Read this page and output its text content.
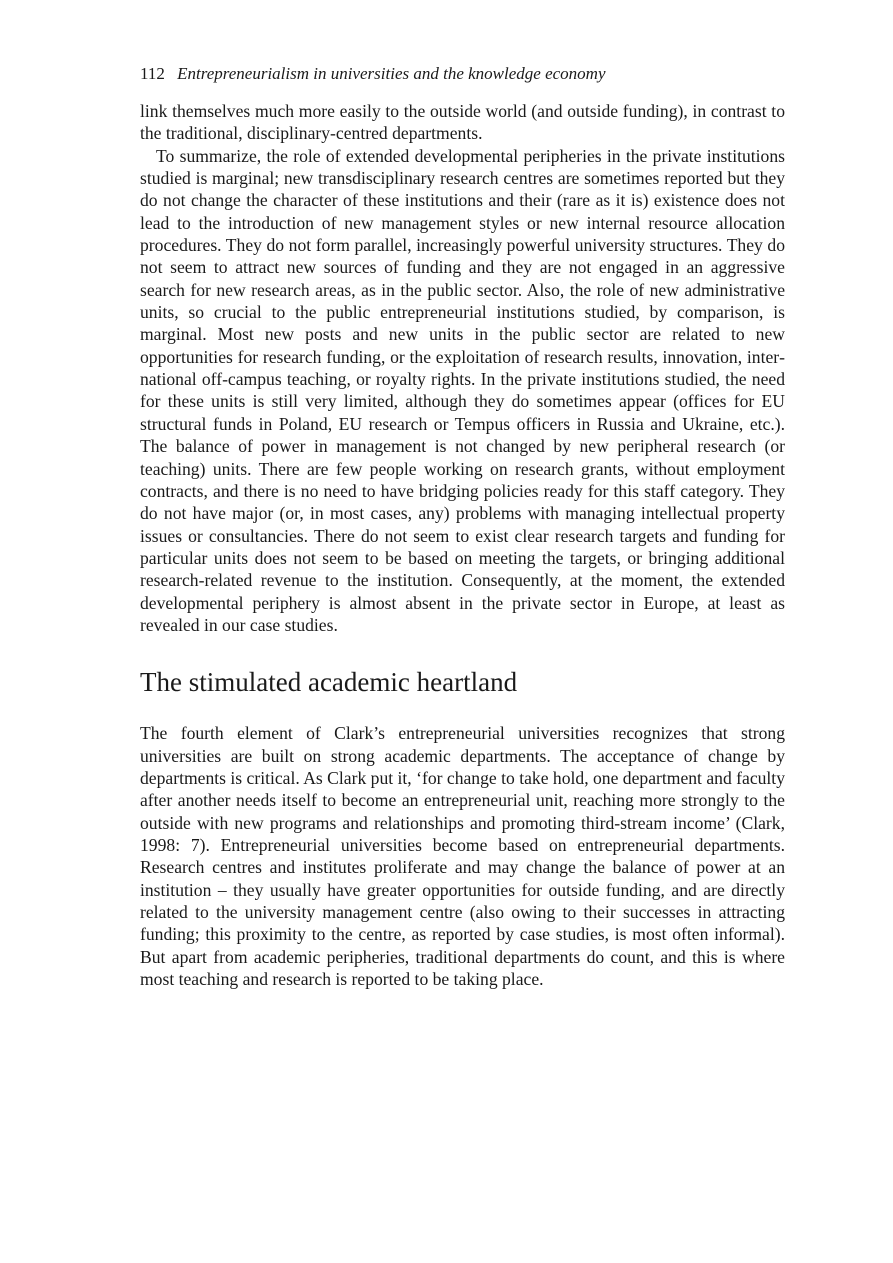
112 Entrepreneurialism in universities and the knowledge economy

link themselves much more easily to the outside world (and outside funding), in contrast to the traditional, disciplinary-centred departments.

To summarize, the role of extended developmental peripheries in the private institutions studied is marginal; new transdisciplinary research centres are sometimes reported but they do not change the character of these institutions and their (rare as it is) existence does not lead to the introduction of new management styles or new internal resource allocation procedures. They do not form parallel, increasingly powerful university structures. They do not seem to attract new sources of funding and they are not engaged in an aggressive search for new research areas, as in the public sector. Also, the role of new administrative units, so crucial to the public entrepreneurial institutions studied, by comparison, is marginal. Most new posts and new units in the public sector are related to new opportunities for research funding, or the exploitation of research results, innovation, international off-campus teaching, or royalty rights. In the private institutions studied, the need for these units is still very limited, although they do sometimes appear (offices for EU structural funds in Poland, EU research or Tempus officers in Russia and Ukraine, etc.). The balance of power in management is not changed by new peripheral research (or teaching) units. There are few people working on research grants, without employment contracts, and there is no need to have bridging policies ready for this staff category. They do not have major (or, in most cases, any) problems with managing intellectual property issues or consultancies. There do not seem to exist clear research targets and funding for particular units does not seem to be based on meeting the targets, or bringing additional research-related revenue to the institution. Consequently, at the moment, the extended developmental periphery is almost absent in the private sector in Europe, at least as revealed in our case studies.

The stimulated academic heartland

The fourth element of Clark’s entrepreneurial universities recognizes that strong universities are built on strong academic departments. The acceptance of change by departments is critical. As Clark put it, ‘for change to take hold, one department and faculty after another needs itself to become an entrepreneurial unit, reaching more strongly to the outside with new programs and relationships and promoting third-stream income’ (Clark, 1998: 7). Entrepreneurial universities become based on entrepreneurial departments. Research centres and institutes proliferate and may change the balance of power at an institution – they usually have greater opportunities for outside funding, and are directly related to the university management centre (also owing to their successes in attracting funding; this proximity to the centre, as reported by case studies, is most often informal). But apart from academic peripheries, traditional departments do count, and this is where most teaching and research is reported to be taking place.
